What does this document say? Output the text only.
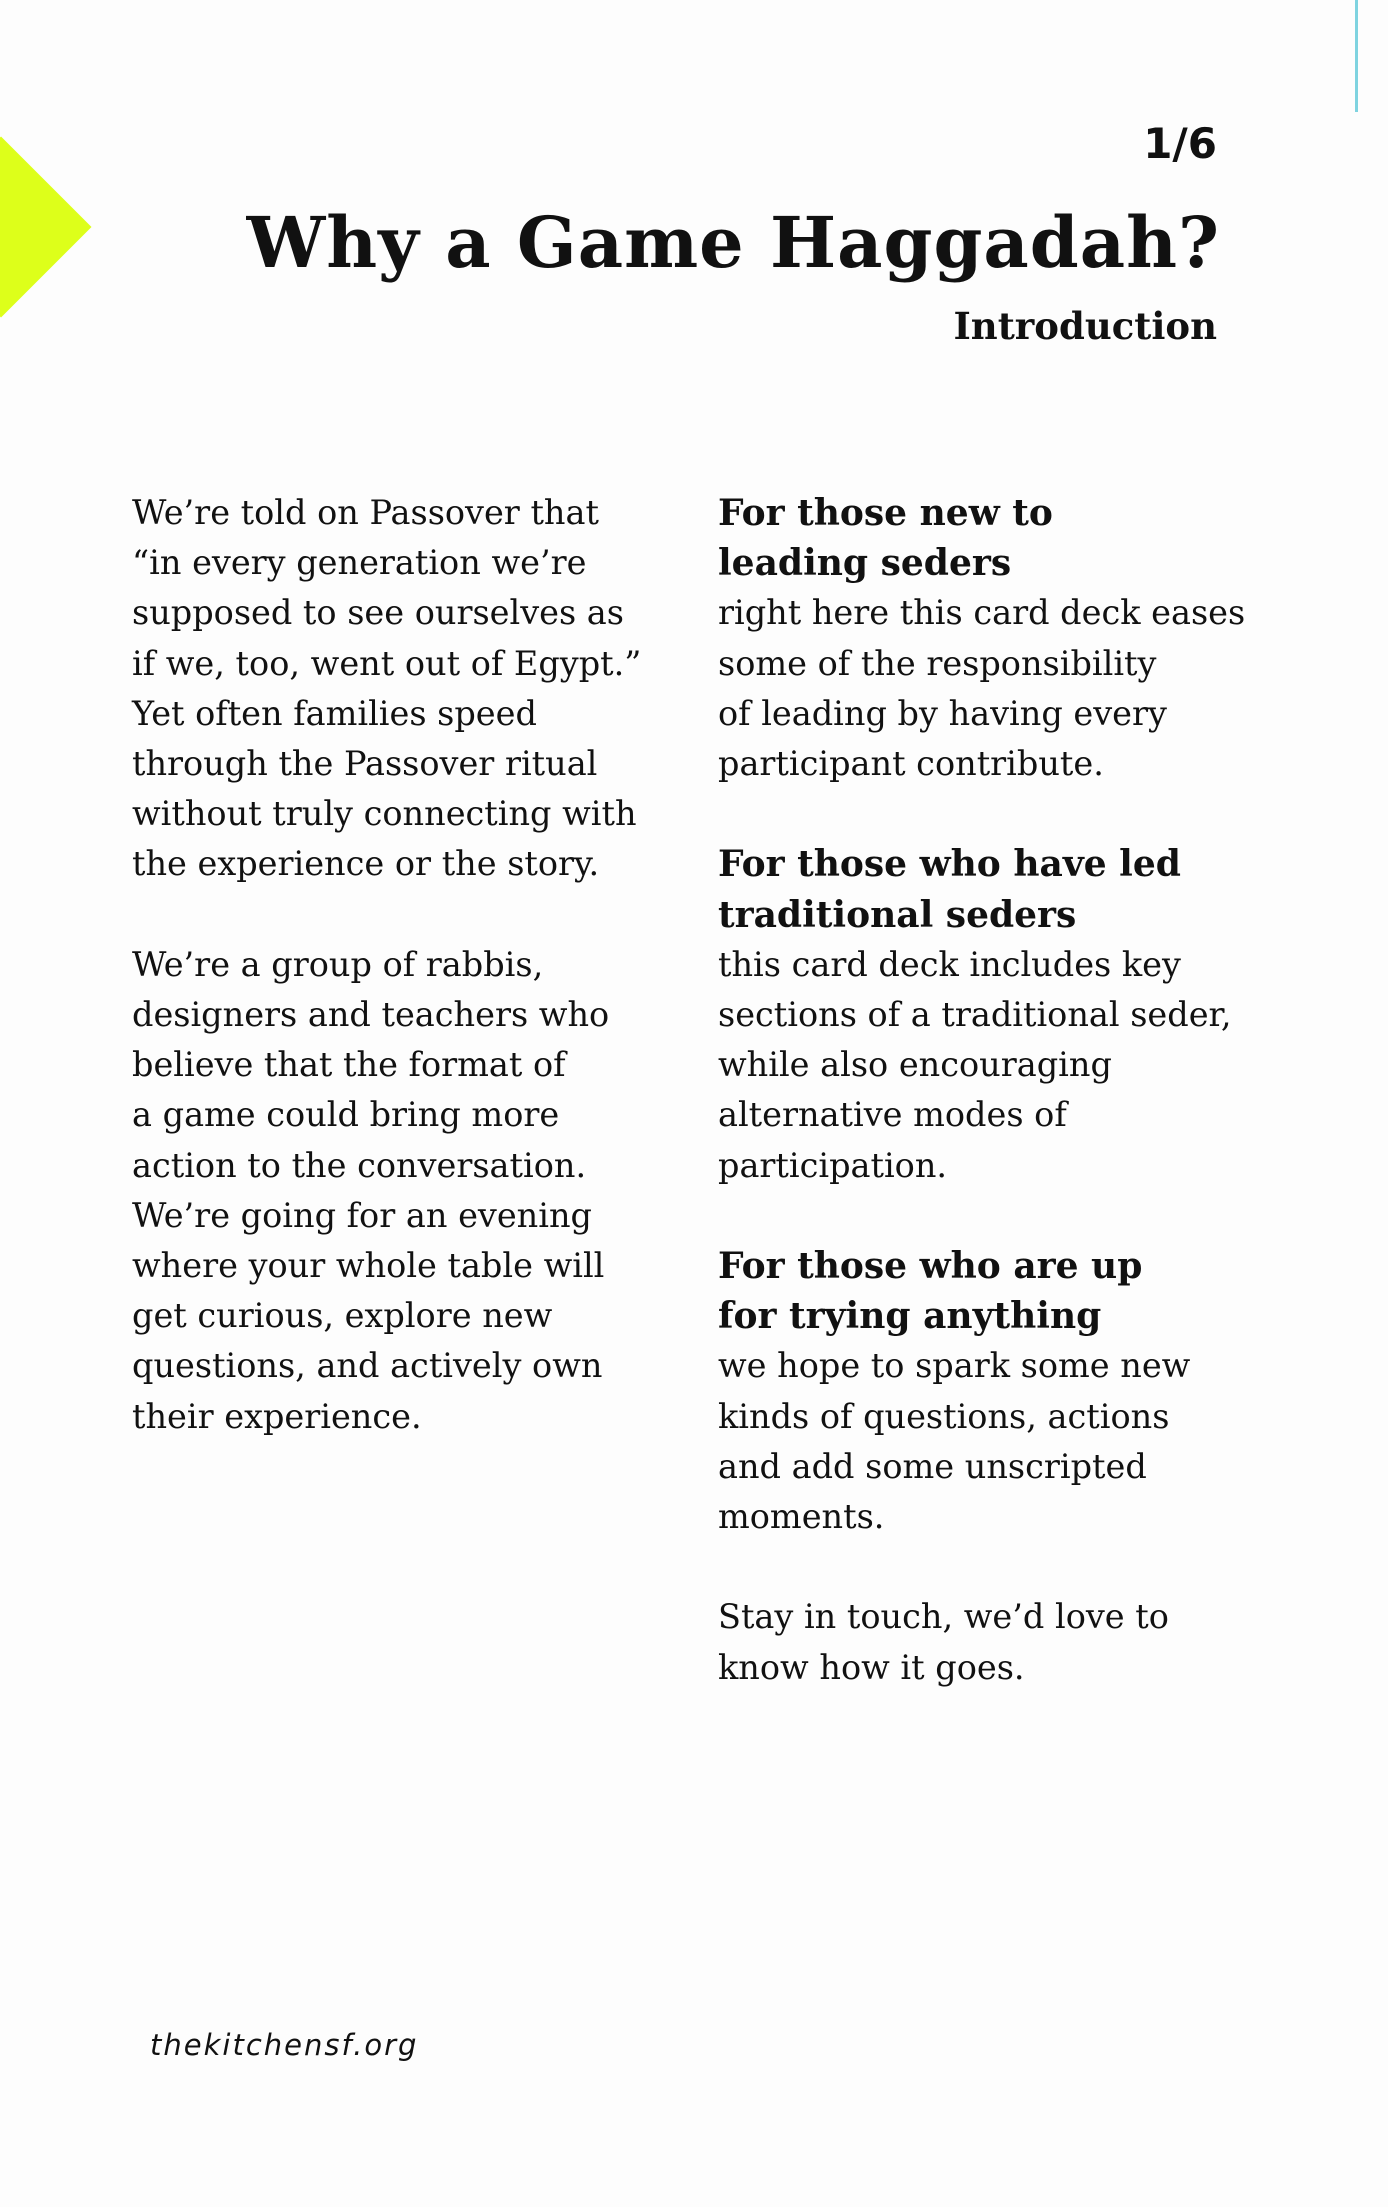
1/6
Why a Game Haggadah?
Introduction

We’re told on Passover that
“in every generation we’re
supposed to see ourselves as
if we, too, went out of Egypt.”
Yet often families speed
through the Passover ritual
without truly connecting with
the experience or the story.

We’re a group of rabbis,
designers and teachers who
believe that the format of
a game could bring more
action to the conversation.
We’re going for an evening
where your whole table will
get curious, explore new
questions, and actively own
their experience.

For those new to
leading seders
right here this card deck eases
some of the responsibility
of leading by having every
participant contribute.
For those who have led
traditional seders
this card deck includes key
sections of a traditional seder,
while also encouraging
alternative modes of
participation.
For those who are up
for trying anything
we hope to spark some new
kinds of questions, actions
and add some unscripted
moments.

Stay in touch, we’d love to
know how it goes.

thekitchensf.org
